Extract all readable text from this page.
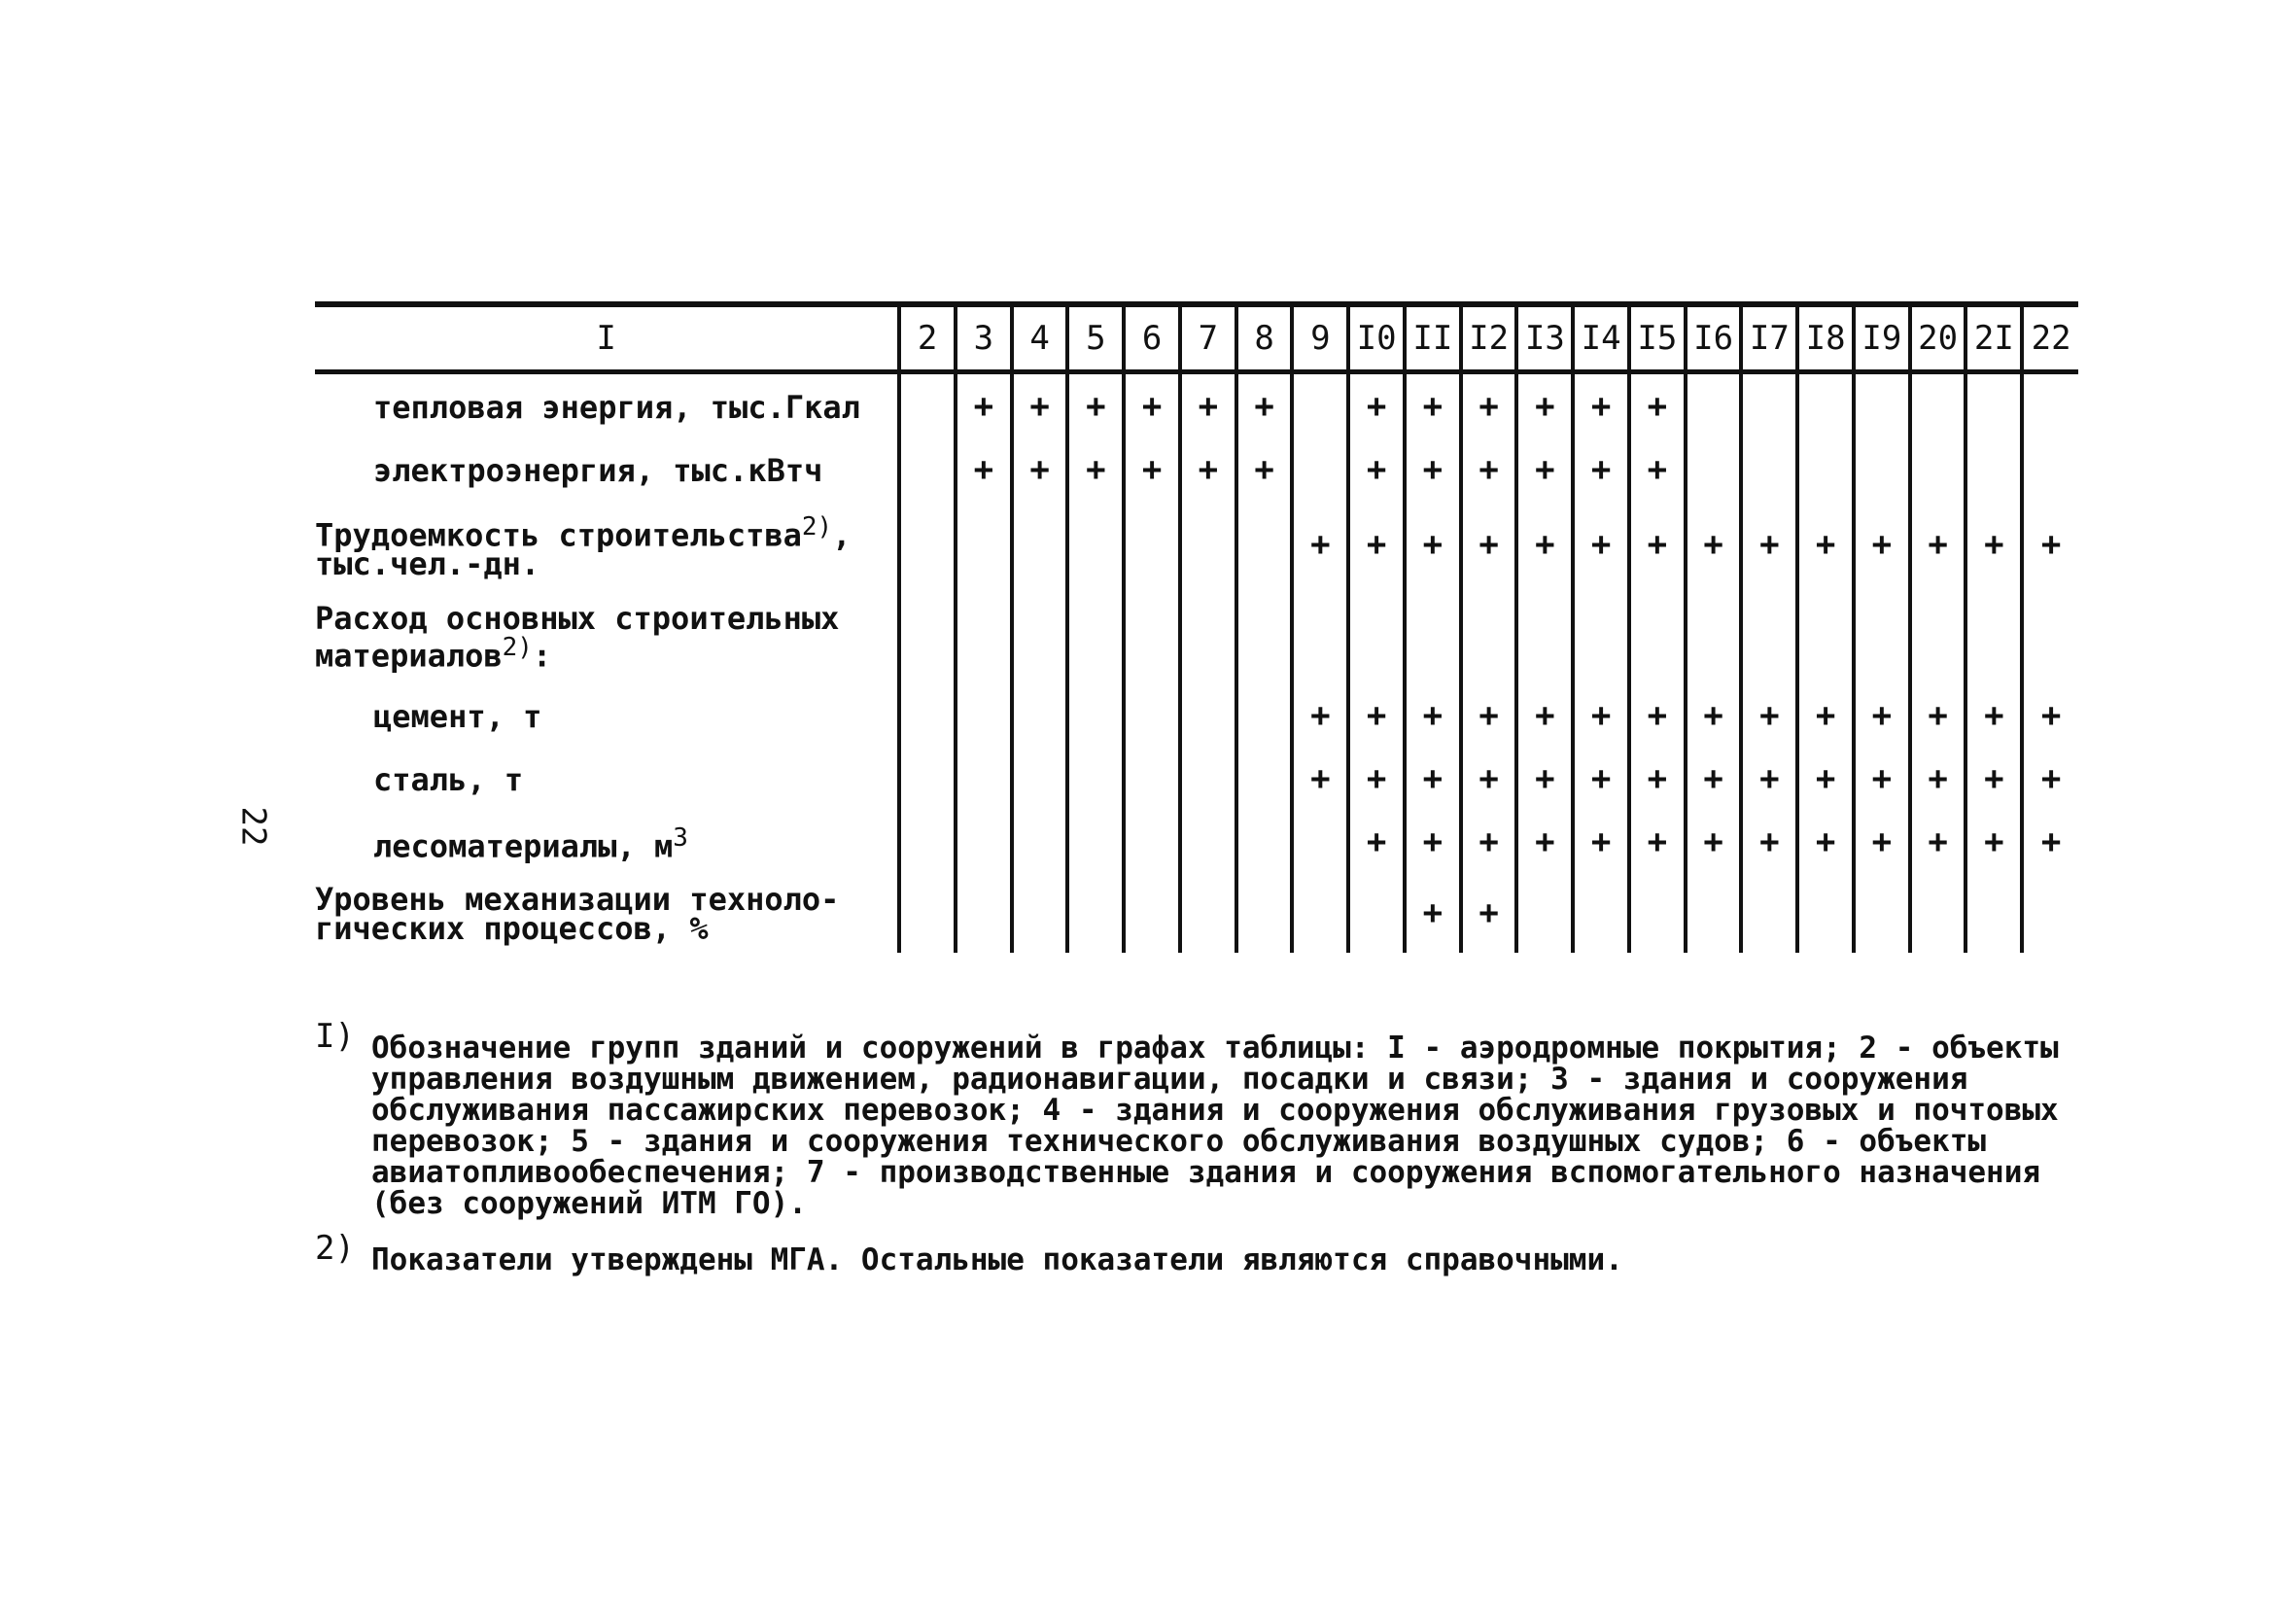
22
I	2	3	4	5	6	7	8	9	I0	II	I2	I3	I4	I5	I6	I7	I8	I9	20	2I	22
тепловая энергия, тыс.Гкал		+	+	+	+	+	+		+	+	+	+	+	+							
электроэнергия, тыс.кВтч		+	+	+	+	+	+		+	+	+	+	+	+							
Трудоемкость строительства$^{2)}$, тыс.чел.-дн.								+	+	+	+	+	+	+	+	+	+	+	+	+	+
Расход основных строительных материалов$^{2)}$:																					
цемент, т								+	+	+	+	+	+	+	+	+	+	+	+	+	+
сталь, т								+	+	+	+	+	+	+	+	+	+	+	+	+	+
лесоматериалы, $м^3$									+	+	+	+	+	+	+	+	+	+	+	+	+
Уровень механизации техноло- гических процессов, %										+	+										
I) Обозначение групп зданий и сооружений в графах таблицы: I - аэродромные покрытия; 2 - объекты управления воздушным движением, радионавигации, посадки и связи; 3 - здания и сооружения обслуживания пассажирских перевозок; 4 - здания и сооружения обслуживания грузовых и почтовых перевозок; 5 - здания и сооружения технического обслуживания воздушных судов; 6 - объекты авиатопливообеспечения; 7 - производственные здания и сооружения вспомогательного назначения (без сооружений ИТМ ГО).
2) Показатели утверждены МГА. Остальные показатели являются справочными.
